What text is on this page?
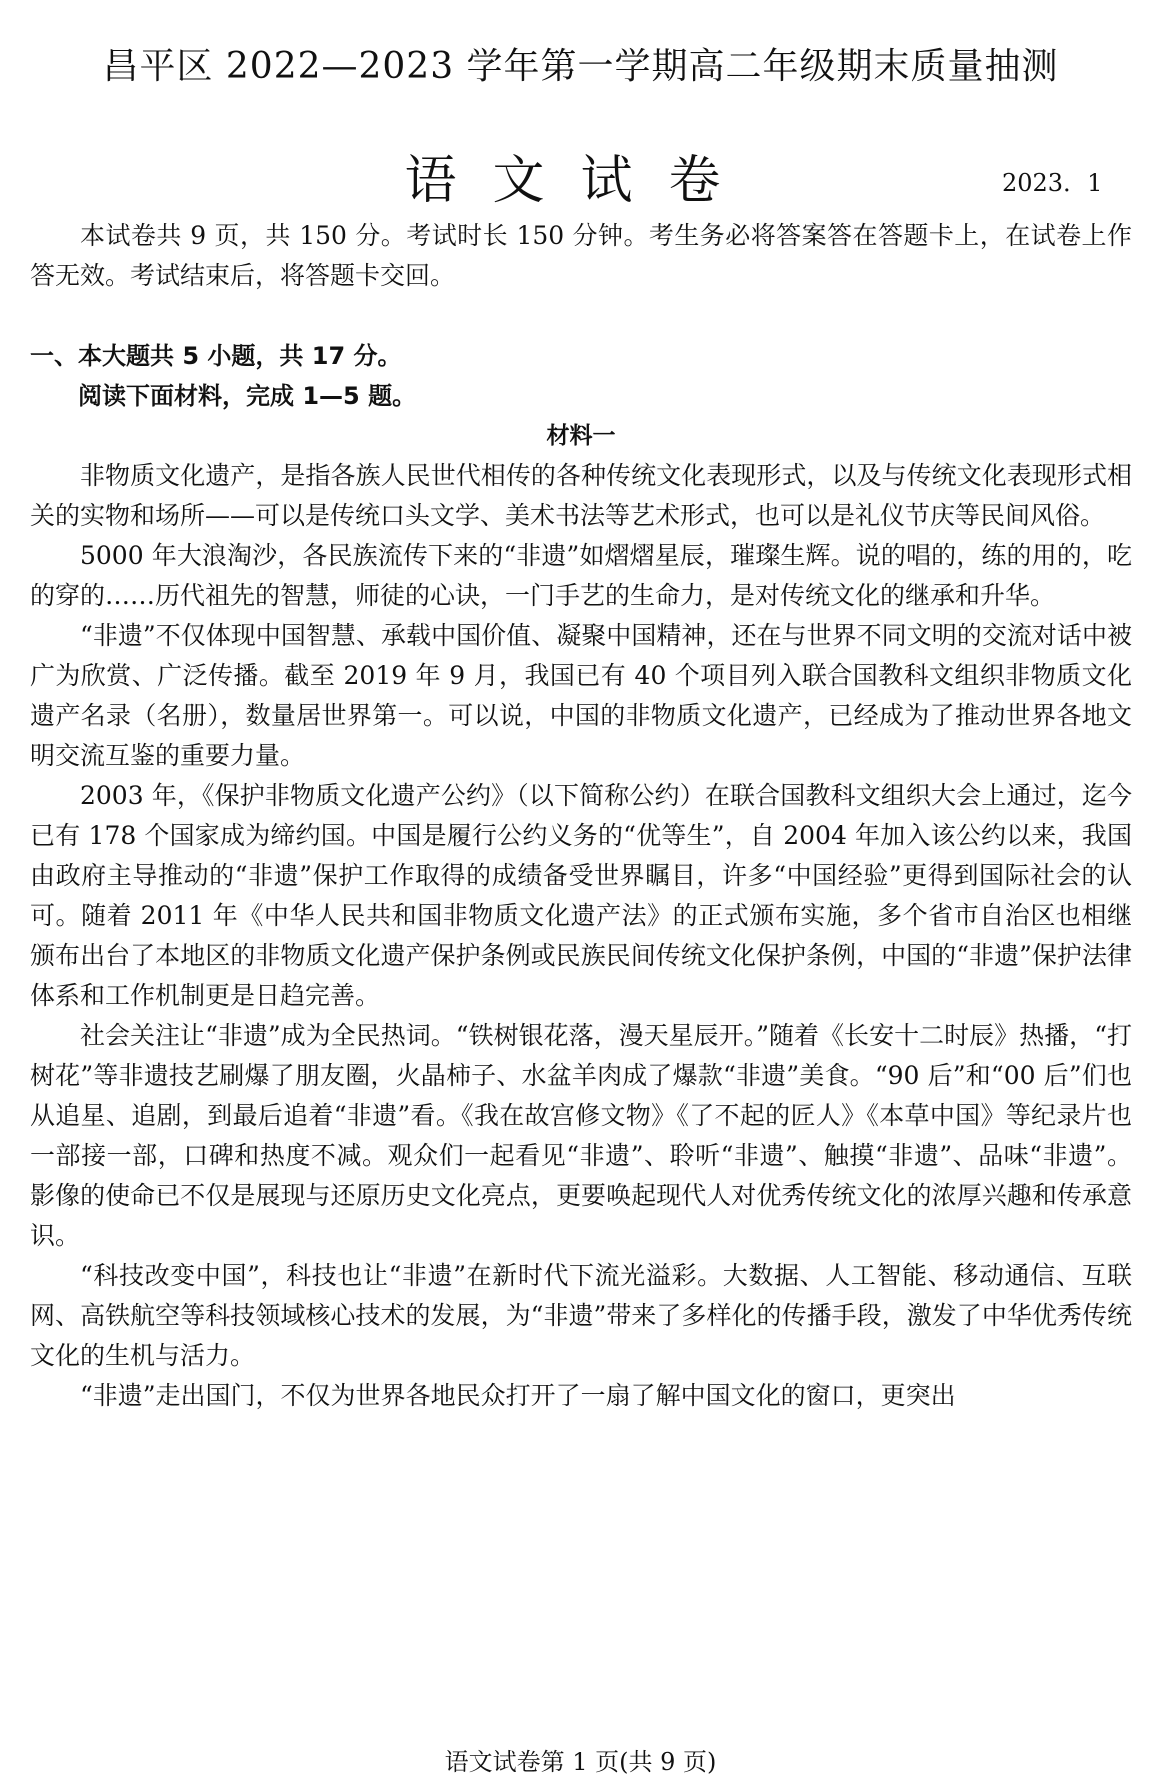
昌平区 2022—2023 学年第一学期高二年级期末质量抽测
语文试卷	2023．1

本试卷共 9 页，共 150 分。考试时长 150 分钟。考生务必将答案答在答题卡上，在试卷上作答无效。考试结束后，将答题卡交回。

一、本大题共 5 小题，共 17 分。
阅读下面材料，完成 1—5 题。
材料一

非物质文化遗产，是指各族人民世代相传的各种传统文化表现形式，以及与传统文化表现形式相关的实物和场所——可以是传统口头文学、美术书法等艺术形式，也可以是礼仪节庆等民间风俗。

5000 年大浪淘沙，各民族流传下来的“非遗”如熠熠星辰，璀璨生辉。说的唱的，练的用的，吃的穿的……历代祖先的智慧，师徒的心诀，一门手艺的生命力，是对传统文化的继承和升华。

“非遗”不仅体现中国智慧、承载中国价值、凝聚中国精神，还在与世界不同文明的交流对话中被广为欣赏、广泛传播。截至 2019 年 9 月，我国已有 40 个项目列入联合国教科文组织非物质文化遗产名录（名册），数量居世界第一。可以说，中国的非物质文化遗产，已经成为了推动世界各地文明交流互鉴的重要力量。

2003 年，《保护非物质文化遗产公约》（以下简称公约）在联合国教科文组织大会上通过，迄今已有 178 个国家成为缔约国。中国是履行公约义务的“优等生”，自 2004 年加入该公约以来，我国由政府主导推动的“非遗”保护工作取得的成绩备受世界瞩目，许多“中国经验”更得到国际社会的认可。随着 2011 年《中华人民共和国非物质文化遗产法》的正式颁布实施，多个省市自治区也相继颁布出台了本地区的非物质文化遗产保护条例或民族民间传统文化保护条例，中国的“非遗”保护法律体系和工作机制更是日趋完善。

社会关注让“非遗”成为全民热词。“铁树银花落，漫天星辰开。”随着《长安十二时辰》热播，“打树花”等非遗技艺刷爆了朋友圈，火晶柿子、水盆羊肉成了爆款“非遗”美食。“90 后”和“00 后”们也从追星、追剧，到最后追着“非遗”看。《我在故宫修文物》《了不起的匠人》《本草中国》等纪录片也一部接一部，口碑和热度不减。观众们一起看见“非遗”、聆听“非遗”、触摸“非遗”、品味“非遗”。影像的使命已不仅是展现与还原历史文化亮点，更要唤起现代人对优秀传统文化的浓厚兴趣和传承意识。

“科技改变中国”，科技也让“非遗”在新时代下流光溢彩。大数据、人工智能、移动通信、互联网、高铁航空等科技领域核心技术的发展，为“非遗”带来了多样化的传播手段，激发了中华优秀传统文化的生机与活力。

“非遗”走出国门，不仅为世界各地民众打开了一扇了解中国文化的窗口，更突出

语文试卷第 1 页(共 9 页)
